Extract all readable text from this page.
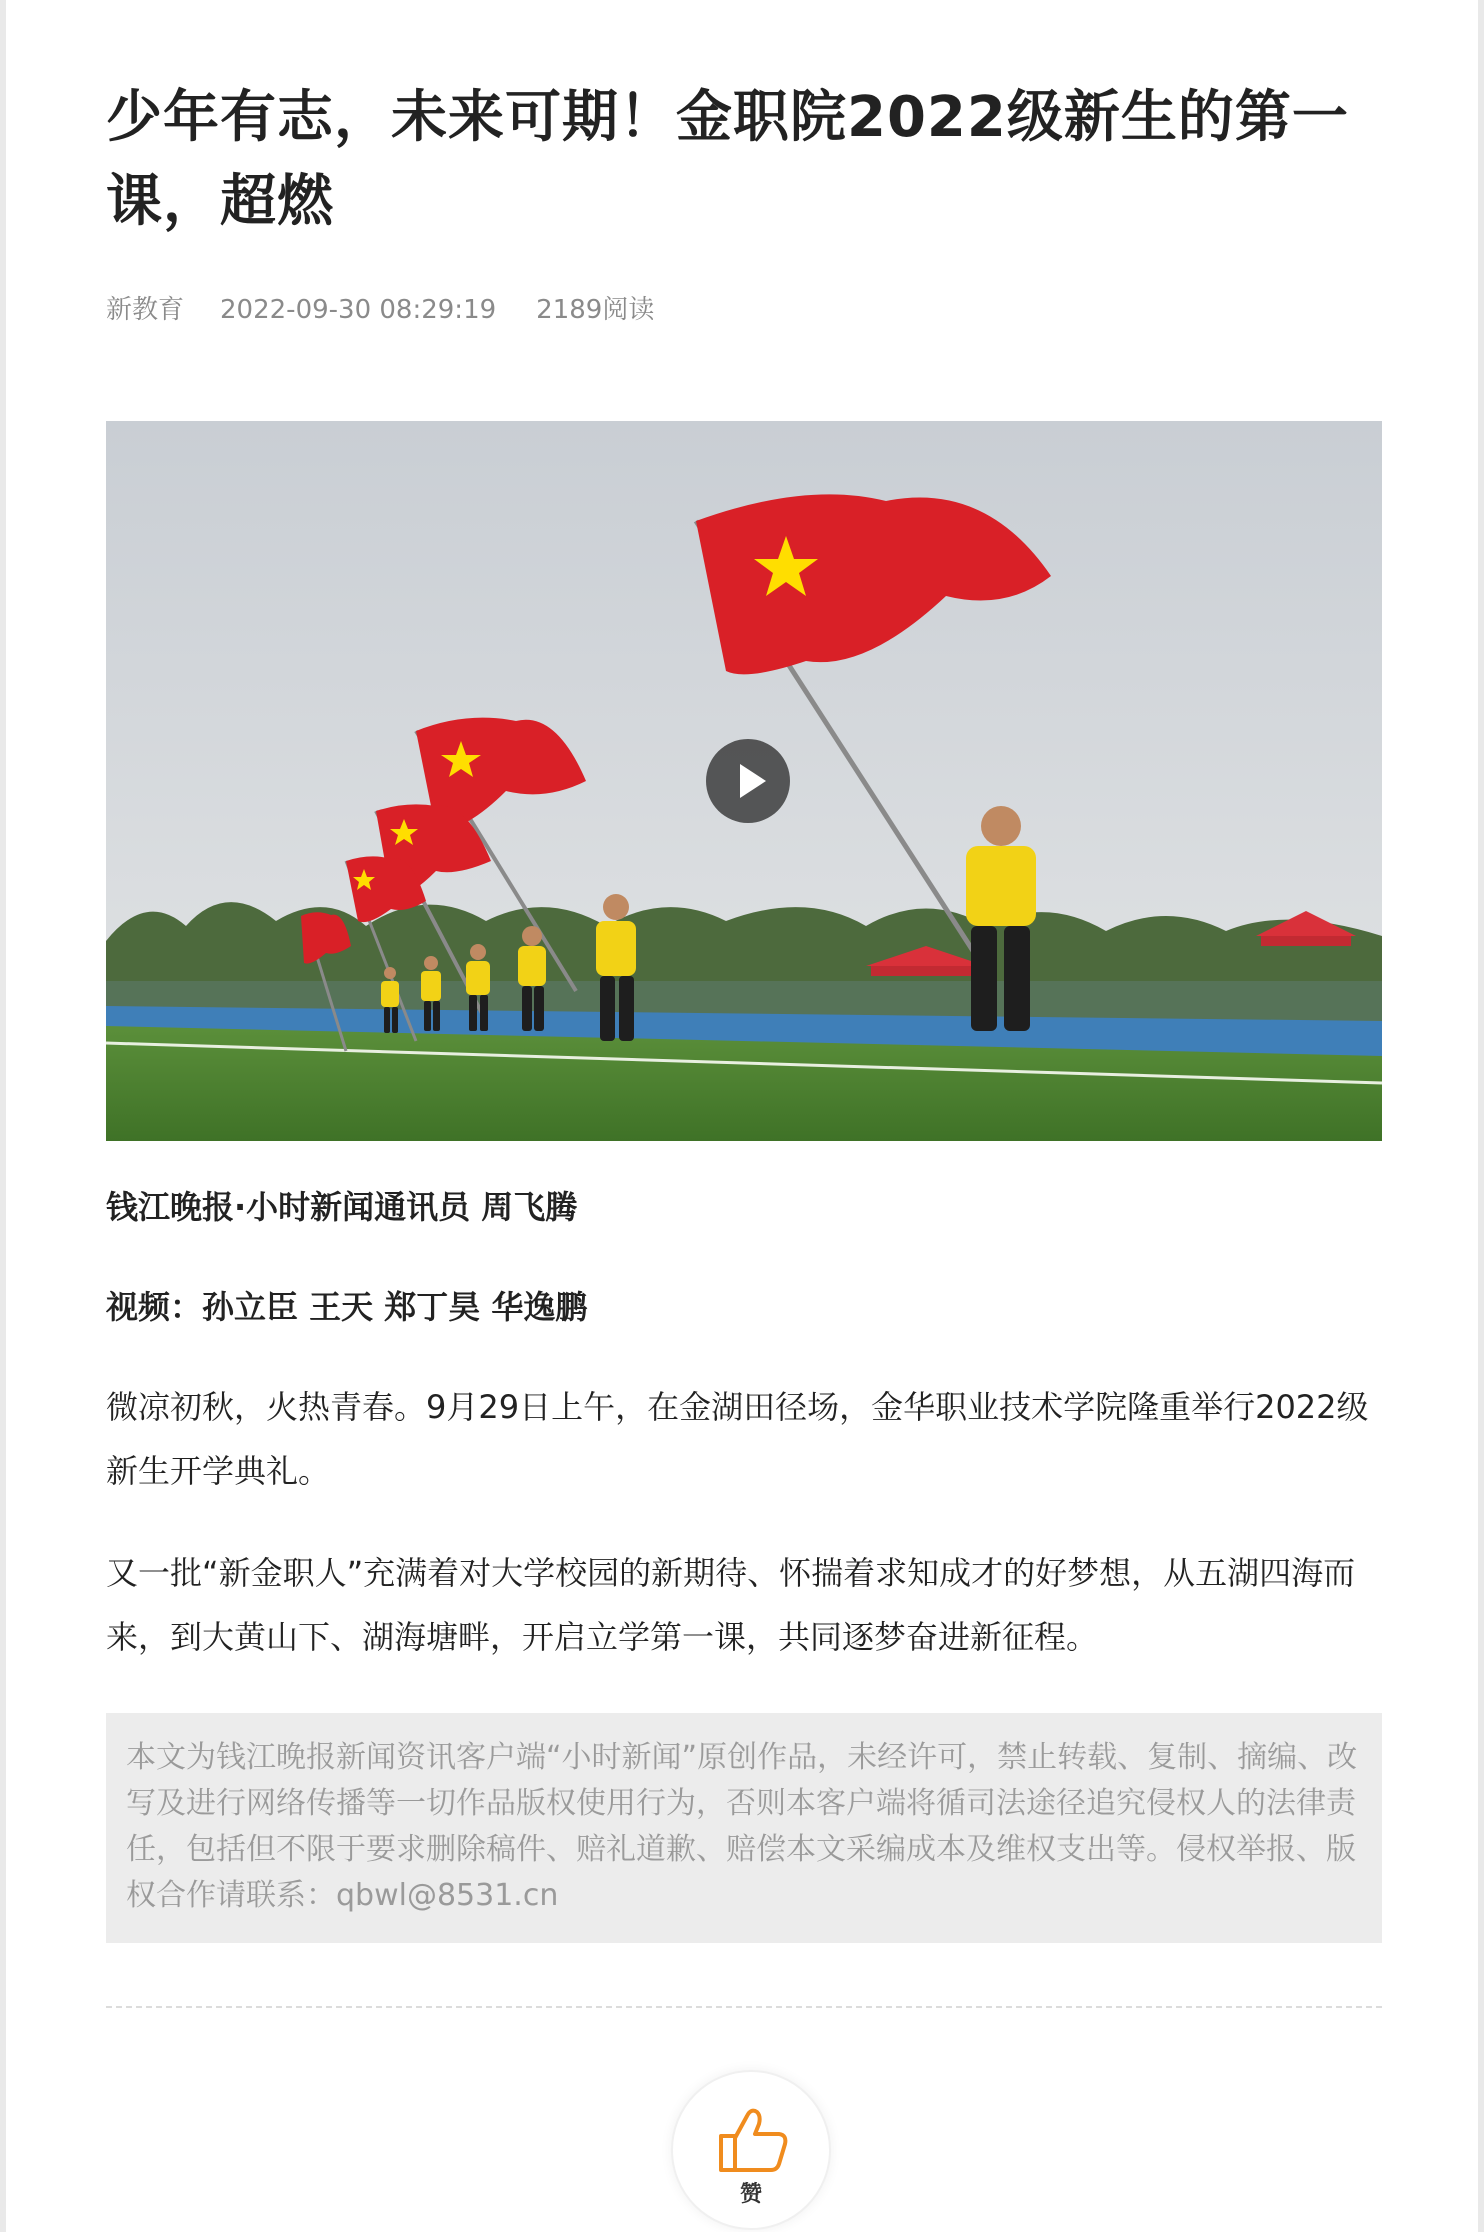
少年有志，未来可期！金职院2022级新生的第一课，超燃
新教育 2022-09-30 08:29:19 2189阅读

钱江晚报·小时新闻通讯员 周飞腾

视频：孙立臣 王天 郑丁昊 华逸鹏

微凉初秋，火热青春。9月29日上午，在金湖田径场，金华职业技术学院隆重举行2022级新生开学典礼。

又一批“新金职人”充满着对大学校园的新期待、怀揣着求知成才的好梦想，从五湖四海而来，到大黄山下、湖海塘畔，开启立学第一课，共同逐梦奋进新征程。

本文为钱江晚报新闻资讯客户端“小时新闻”原创作品，未经许可，禁止转载、复制、摘编、改写及进行网络传播等一切作品版权使用行为，否则本客户端将循司法途径追究侵权人的法律责任，包括但不限于要求删除稿件、赔礼道歉、赔偿本文采编成本及维权支出等。侵权举报、版权合作请联系：qbwl@8531.cn
赞
